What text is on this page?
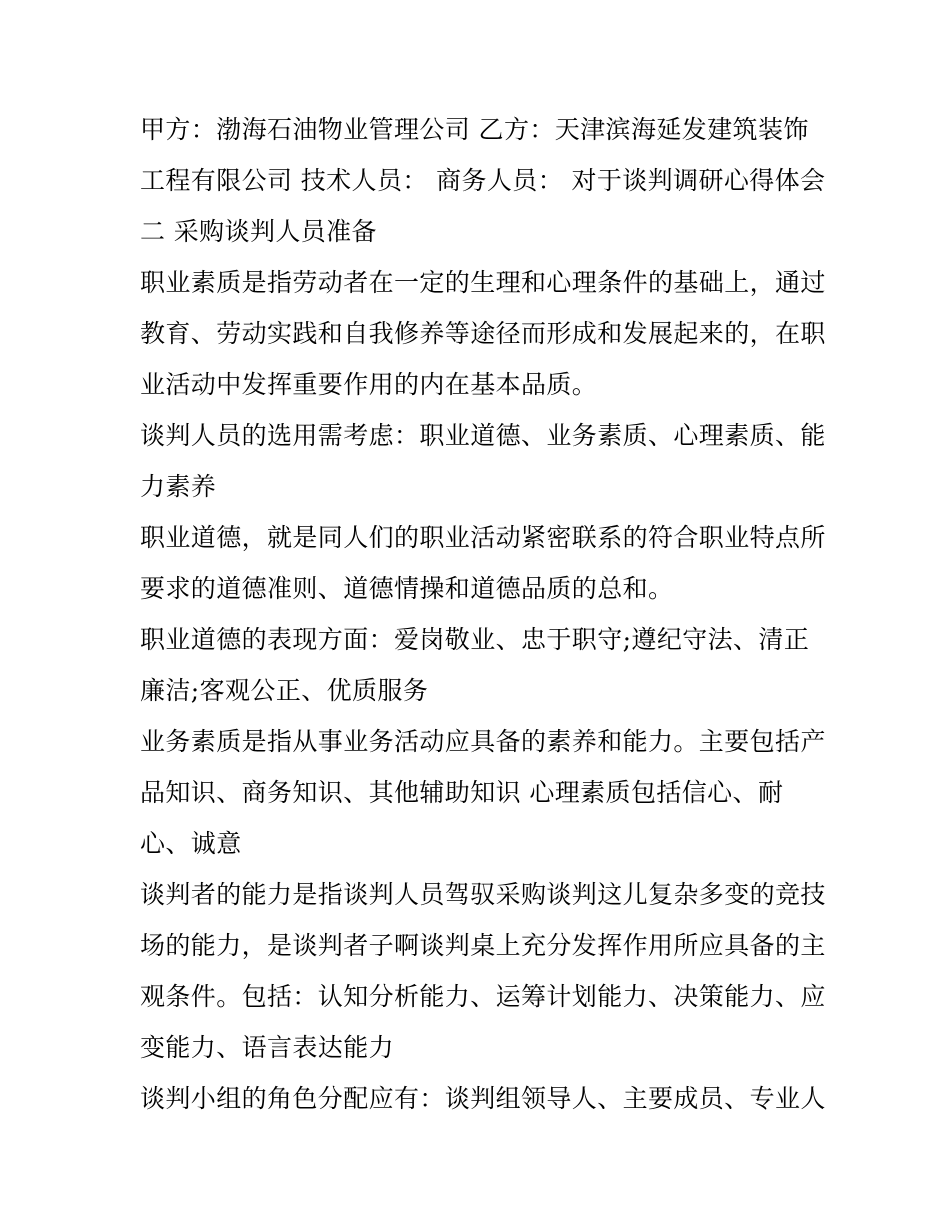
甲方：渤海石油物业管理公司 乙方：天津滨海延发建筑装饰
工程有限公司 技术人员： 商务人员： 对于谈判调研心得体会
二 采购谈判人员准备
职业素质是指劳动者在一定的生理和心理条件的基础上，通过
教育、劳动实践和自我修养等途径而形成和发展起来的，在职
业活动中发挥重要作用的内在基本品质。
谈判人员的选用需考虑：职业道德、业务素质、心理素质、能
力素养
职业道德，就是同人们的职业活动紧密联系的符合职业特点所
要求的道德准则、道德情操和道德品质的总和。
职业道德的表现方面：爱岗敬业、忠于职守;遵纪守法、清正
廉洁;客观公正、优质服务
业务素质是指从事业务活动应具备的素养和能力。主要包括产
品知识、商务知识、其他辅助知识 心理素质包括信心、耐
心、诚意
谈判者的能力是指谈判人员驾驭采购谈判这儿复杂多变的竞技
场的能力，是谈判者子啊谈判桌上充分发挥作用所应具备的主
观条件。包括：认知分析能力、运筹计划能力、决策能力、应
变能力、语言表达能力
谈判小组的角色分配应有：谈判组领导人、主要成员、专业人
